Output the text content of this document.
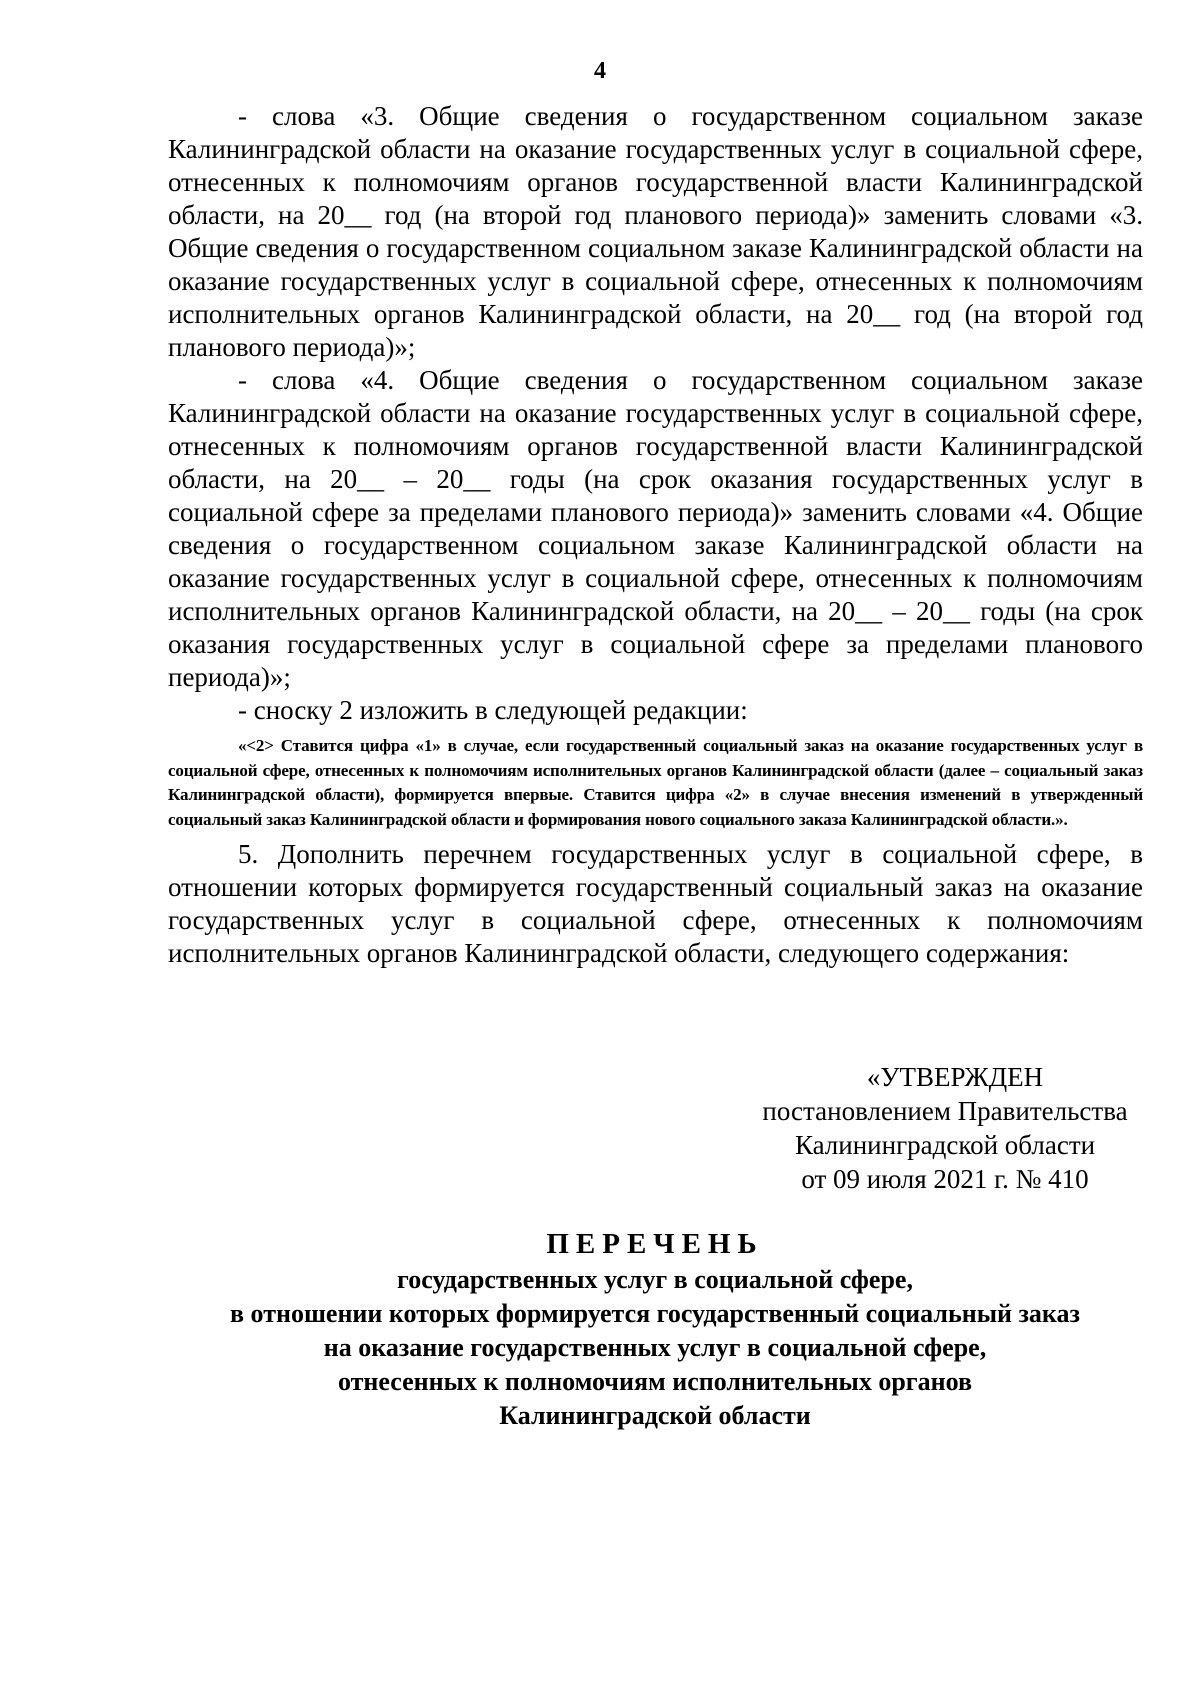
4

- слова «3. Общие сведения о государственном социальном заказе Калининградской области на оказание государственных услуг в социальной сфере, отнесенных к полномочиям органов государственной власти Калининградской области, на 20__ год (на второй год планового периода)» заменить словами «3. Общие сведения о государственном социальном заказе Калининградской области на оказание государственных услуг в социальной сфере, отнесенных к полномочиям исполнительных органов Калининградской области, на 20__ год (на второй год планового периода)»;

- слова «4. Общие сведения о государственном социальном заказе Калининградской области на оказание государственных услуг в социальной сфере, отнесенных к полномочиям органов государственной власти Калининградской области, на 20__ – 20__ годы (на срок оказания государственных услуг в социальной сфере за пределами планового периода)» заменить словами «4. Общие сведения о государственном социальном заказе Калининградской области на оказание государственных услуг в социальной сфере, отнесенных к полномочиям исполнительных органов Калининградской области, на 20__ – 20__ годы (на срок оказания государственных услуг в социальной сфере за пределами планового периода)»;

- сноску 2 изложить в следующей редакции:

«<2> Ставится цифра «1» в случае, если государственный социальный заказ на оказание государственных услуг в социальной сфере, отнесенных к полномочиям исполнительных органов Калининградской области (далее – социальный заказ Калининградской области), формируется впервые. Ставится цифра «2» в случае внесения изменений в утвержденный социальный заказ Калининградской области и формирования нового социального заказа Калининградской области.».

5. Дополнить перечнем государственных услуг в социальной сфере, в отношении которых формируется государственный социальный заказ на оказание государственных услуг в социальной сфере, отнесенных к полномочиям исполнительных органов Калининградской области, следующего содержания:

«УТВЕРЖДЕН
постановлением Правительства
Калининградской области
от 09 июля 2021 г. № 410
ПЕРЕЧЕНЬ
государственных услуг в социальной сфере,
в отношении которых формируется государственный социальный заказ
на оказание государственных услуг в социальной сфере,
отнесенных к полномочиям исполнительных органов
Калининградской области
